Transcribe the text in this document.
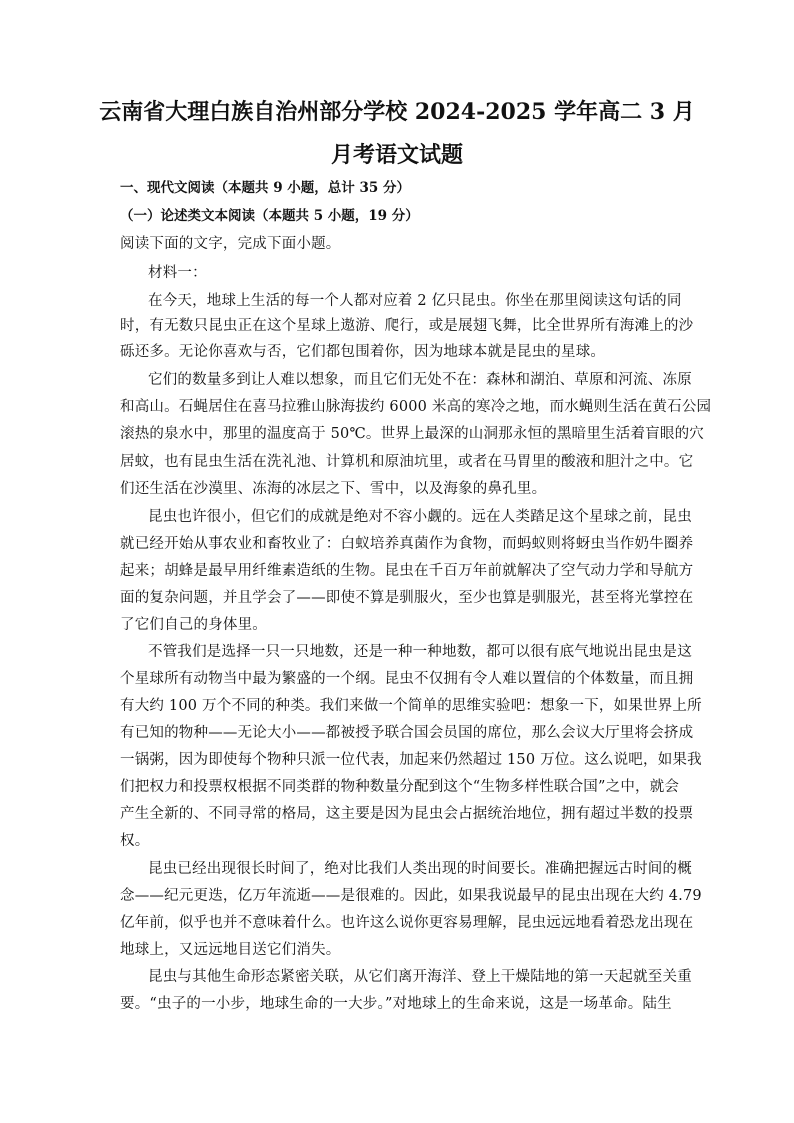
云南省大理白族自治州部分学校 2024-2025 学年高二 3 月
月考语文试题
一、现代文阅读（本题共 9 小题，总计 35 分）
（一）论述类文本阅读（本题共 5 小题，19 分）
阅读下面的文字，完成下面小题。
材料一：
在今天，地球上生活的每一个人都对应着 2 亿只昆虫。你坐在那里阅读这句话的同
时，有无数只昆虫正在这个星球上遨游、爬行，或是展翅飞舞，比全世界所有海滩上的沙
砾还多。无论你喜欢与否，它们都包围着你，因为地球本就是昆虫的星球。
它们的数量多到让人难以想象，而且它们无处不在：森林和湖泊、草原和河流、冻原
和高山。石蝇居住在喜马拉雅山脉海拔约 6000 米高的寒冷之地，而水蝇则生活在黄石公园
滚热的泉水中，那里的温度高于 50℃。世界上最深的山洞那永恒的黑暗里生活着盲眼的穴
居蚊，也有昆虫生活在洗礼池、计算机和原油坑里，或者在马胃里的酸液和胆汁之中。它
们还生活在沙漠里、冻海的冰层之下、雪中，以及海象的鼻孔里。
昆虫也许很小，但它们的成就是绝对不容小觑的。远在人类踏足这个星球之前，昆虫
就已经开始从事农业和畜牧业了：白蚁培养真菌作为食物，而蚂蚁则将蚜虫当作奶牛圈养
起来；胡蜂是最早用纤维素造纸的生物。昆虫在千百万年前就解决了空气动力学和导航方
面的复杂问题，并且学会了——即使不算是驯服火，至少也算是驯服光，甚至将光掌控在
了它们自己的身体里。
不管我们是选择一只一只地数，还是一种一种地数，都可以很有底气地说出昆虫是这
个星球所有动物当中最为繁盛的一个纲。昆虫不仅拥有令人难以置信的个体数量，而且拥
有大约 100 万个不同的种类。我们来做一个简单的思维实验吧：想象一下，如果世界上所
有已知的物种——无论大小——都被授予联合国会员国的席位，那么会议大厅里将会挤成
一锅粥，因为即使每个物种只派一位代表，加起来仍然超过 150 万位。这么说吧，如果我
们把权力和投票权根据不同类群的物种数量分配到这个“生物多样性联合国”之中，就会
产生全新的、不同寻常的格局，这主要是因为昆虫会占据统治地位，拥有超过半数的投票
权。
昆虫已经出现很长时间了，绝对比我们人类出现的时间要长。准确把握远古时间的概
念——纪元更迭，亿万年流逝——是很难的。因此，如果我说最早的昆虫出现在大约 4.79
亿年前，似乎也并不意味着什么。也许这么说你更容易理解，昆虫远远地看着恐龙出现在
地球上，又远远地目送它们消失。
昆虫与其他生命形态紧密关联，从它们离开海洋、登上干燥陆地的第一天起就至关重
要。“虫子的一小步，地球生命的一大步。”对地球上的生命来说，这是一场革命。陆生
